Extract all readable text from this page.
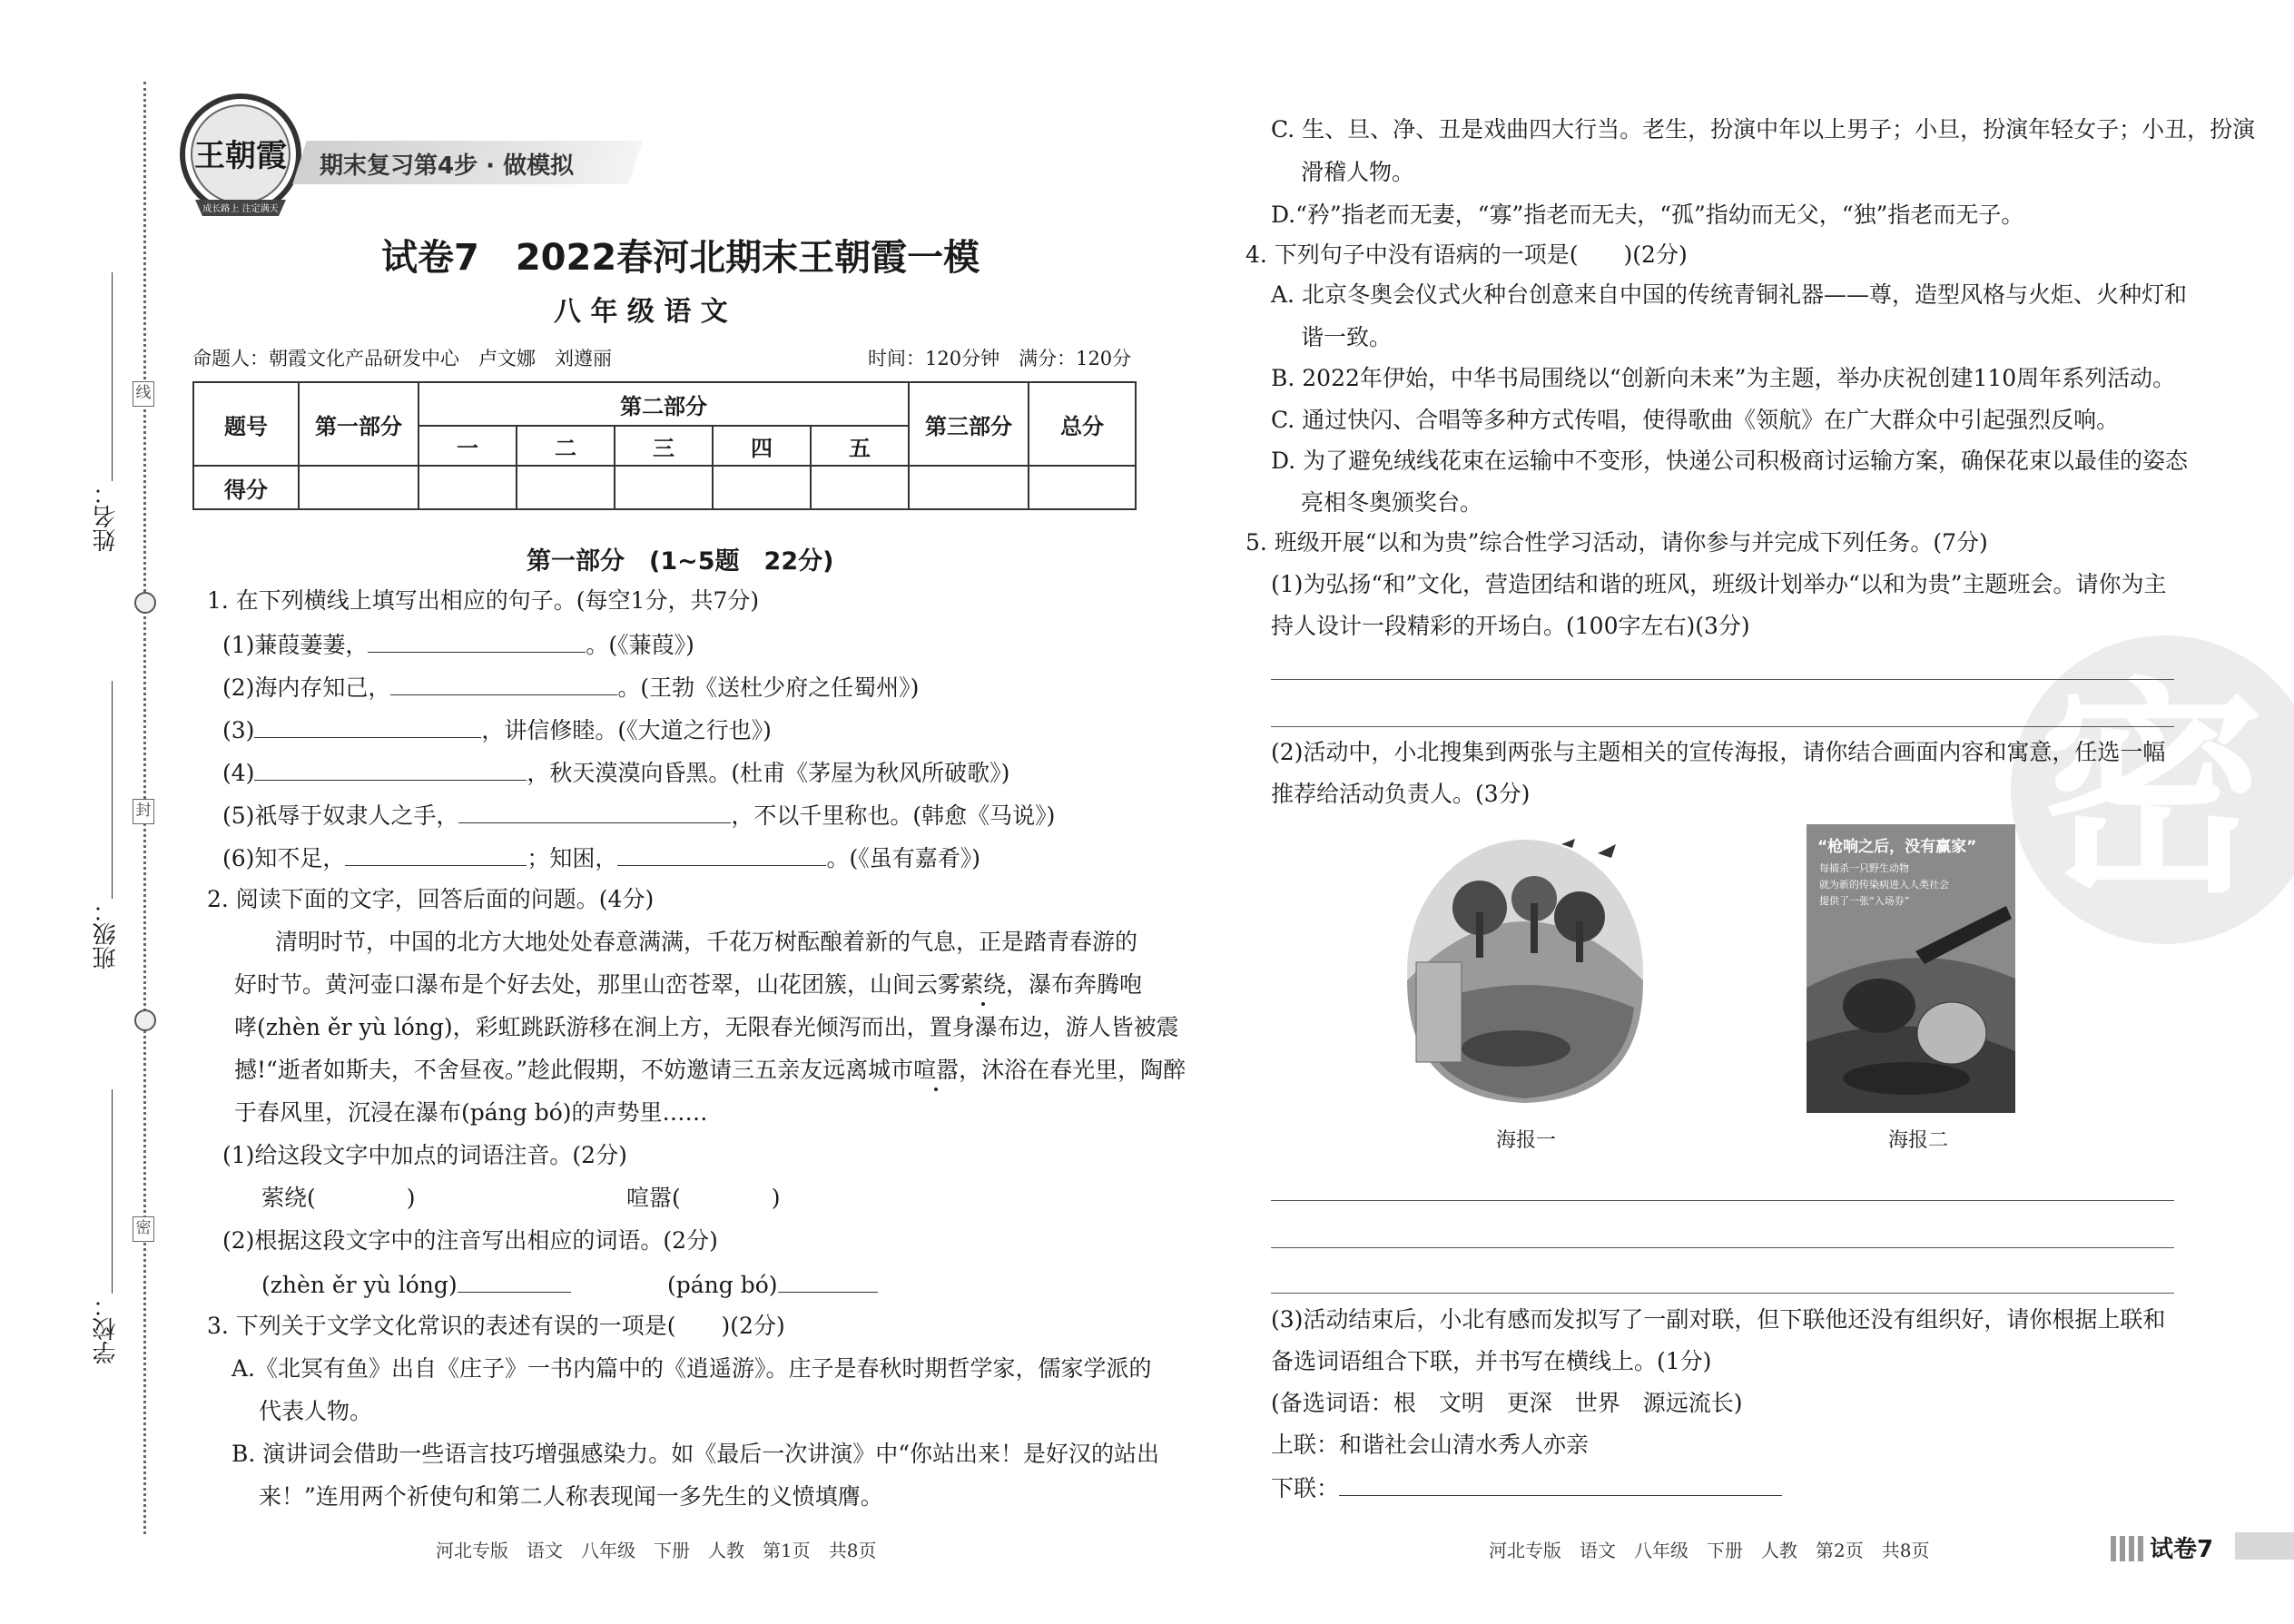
线
封
密
姓名：
班级：
学校：
王朝霞
成长路上 注定满天
期末复习第4步 · 做模拟
试卷7　2022春河北期末王朝霞一模
八 年 级 语 文
命题人：朝霞文化产品研发中心　卢文娜　刘遵丽	时间：120分钟　满分：120分
题号	第一部分	第二部分					第三部分	总分
		一	二	三	四	五		
得分								
第一部分　(1~5题　22分)
1. 在下列横线上填写出相应的句子。(每空1分，共7分)
(1)蒹葭萋萋，	。(《蒹葭》)
(2)海内存知己，	。(王勃《送杜少府之任蜀州》)
(3)	，讲信修睦。(《大道之行也》)
(4)	，秋天漠漠向昏黑。(杜甫《茅屋为秋风所破歌》)
(5)祇辱于奴隶人之手，	，不以千里称也。(韩愈《马说》)
(6)知不足，	；知困，	。(《虽有嘉肴》)
2. 阅读下面的文字，回答后面的问题。(4分)
清明时节，中国的北方大地处处春意满满，千花万树酝酿着新的气息，正是踏青春游的
好时节。黄河壶口瀑布是个好去处，那里山峦苍翠，山花团簇，山间云雾萦绕，瀑布奔腾咆
哮(zhèn ěr yù lóng)，彩虹跳跃游移在涧上方，无限春光倾泻而出，置身瀑布边，游人皆被震
撼!“逝者如斯夫，不舍昼夜。”趁此假期，不妨邀请三五亲友远离城市喧嚣，沐浴在春光里，陶醉
于春风里，沉浸在瀑布(páng bó)的声势里……
(1)给这段文字中加点的词语注音。(2分)
萦绕(　　　　)	喧嚣(　　　　)
(2)根据这段文字中的注音写出相应的词语。(2分)
(zhèn ěr yù lóng)	(páng bó)
3. 下列关于文学文化常识的表述有误的一项是(　　)(2分)
A.《北冥有鱼》出自《庄子》一书内篇中的《逍遥游》。庄子是春秋时期哲学家，儒家学派的
代表人物。
B. 演讲词会借助一些语言技巧增强感染力。如《最后一次讲演》中“你站出来！是好汉的站出
来！”连用两个祈使句和第二人称表现闻一多先生的义愤填膺。
河北专版　语文　八年级　下册　人教　第1页　共8页
密
C. 生、旦、净、丑是戏曲四大行当。老生，扮演中年以上男子；小旦，扮演年轻女子；小丑，扮演
滑稽人物。
D.“矜”指老而无妻，“寡”指老而无夫，“孤”指幼而无父，“独”指老而无子。
4. 下列句子中没有语病的一项是(　　)(2分)
A. 北京冬奥会仪式火种台创意来自中国的传统青铜礼器——尊，造型风格与火炬、火种灯和
谐一致。
B. 2022年伊始，中华书局围绕以“创新向未来”为主题，举办庆祝创建110周年系列活动。
C. 通过快闪、合唱等多种方式传唱，使得歌曲《领航》在广大群众中引起强烈反响。
D. 为了避免绒线花束在运输中不变形，快递公司积极商讨运输方案，确保花束以最佳的姿态
亮相冬奥颁奖台。
5. 班级开展“以和为贵”综合性学习活动，请你参与并完成下列任务。(7分)
(1)为弘扬“和”文化，营造团结和谐的班风，班级计划举办“以和为贵”主题班会。请你为主
持人设计一段精彩的开场白。(100字左右)(3分)
(2)活动中，小北搜集到两张与主题相关的宣传海报，请你结合画面内容和寓意，任选一幅
推荐给活动负责人。(3分)
海报一
“枪响之后，没有赢家”
每捕杀一只野生动物
就为新的传染病进入人类社会
提供了一张“入场券”
海报二
(3)活动结束后，小北有感而发拟写了一副对联，但下联他还没有组织好，请你根据上联和
备选词语组合下联，并书写在横线上。(1分)
(备选词语：根　文明　更深　世界　源远流长)
上联：和谐社会山清水秀人亦亲
下联：
河北专版　语文　八年级　下册　人教　第2页　共8页	试卷7
